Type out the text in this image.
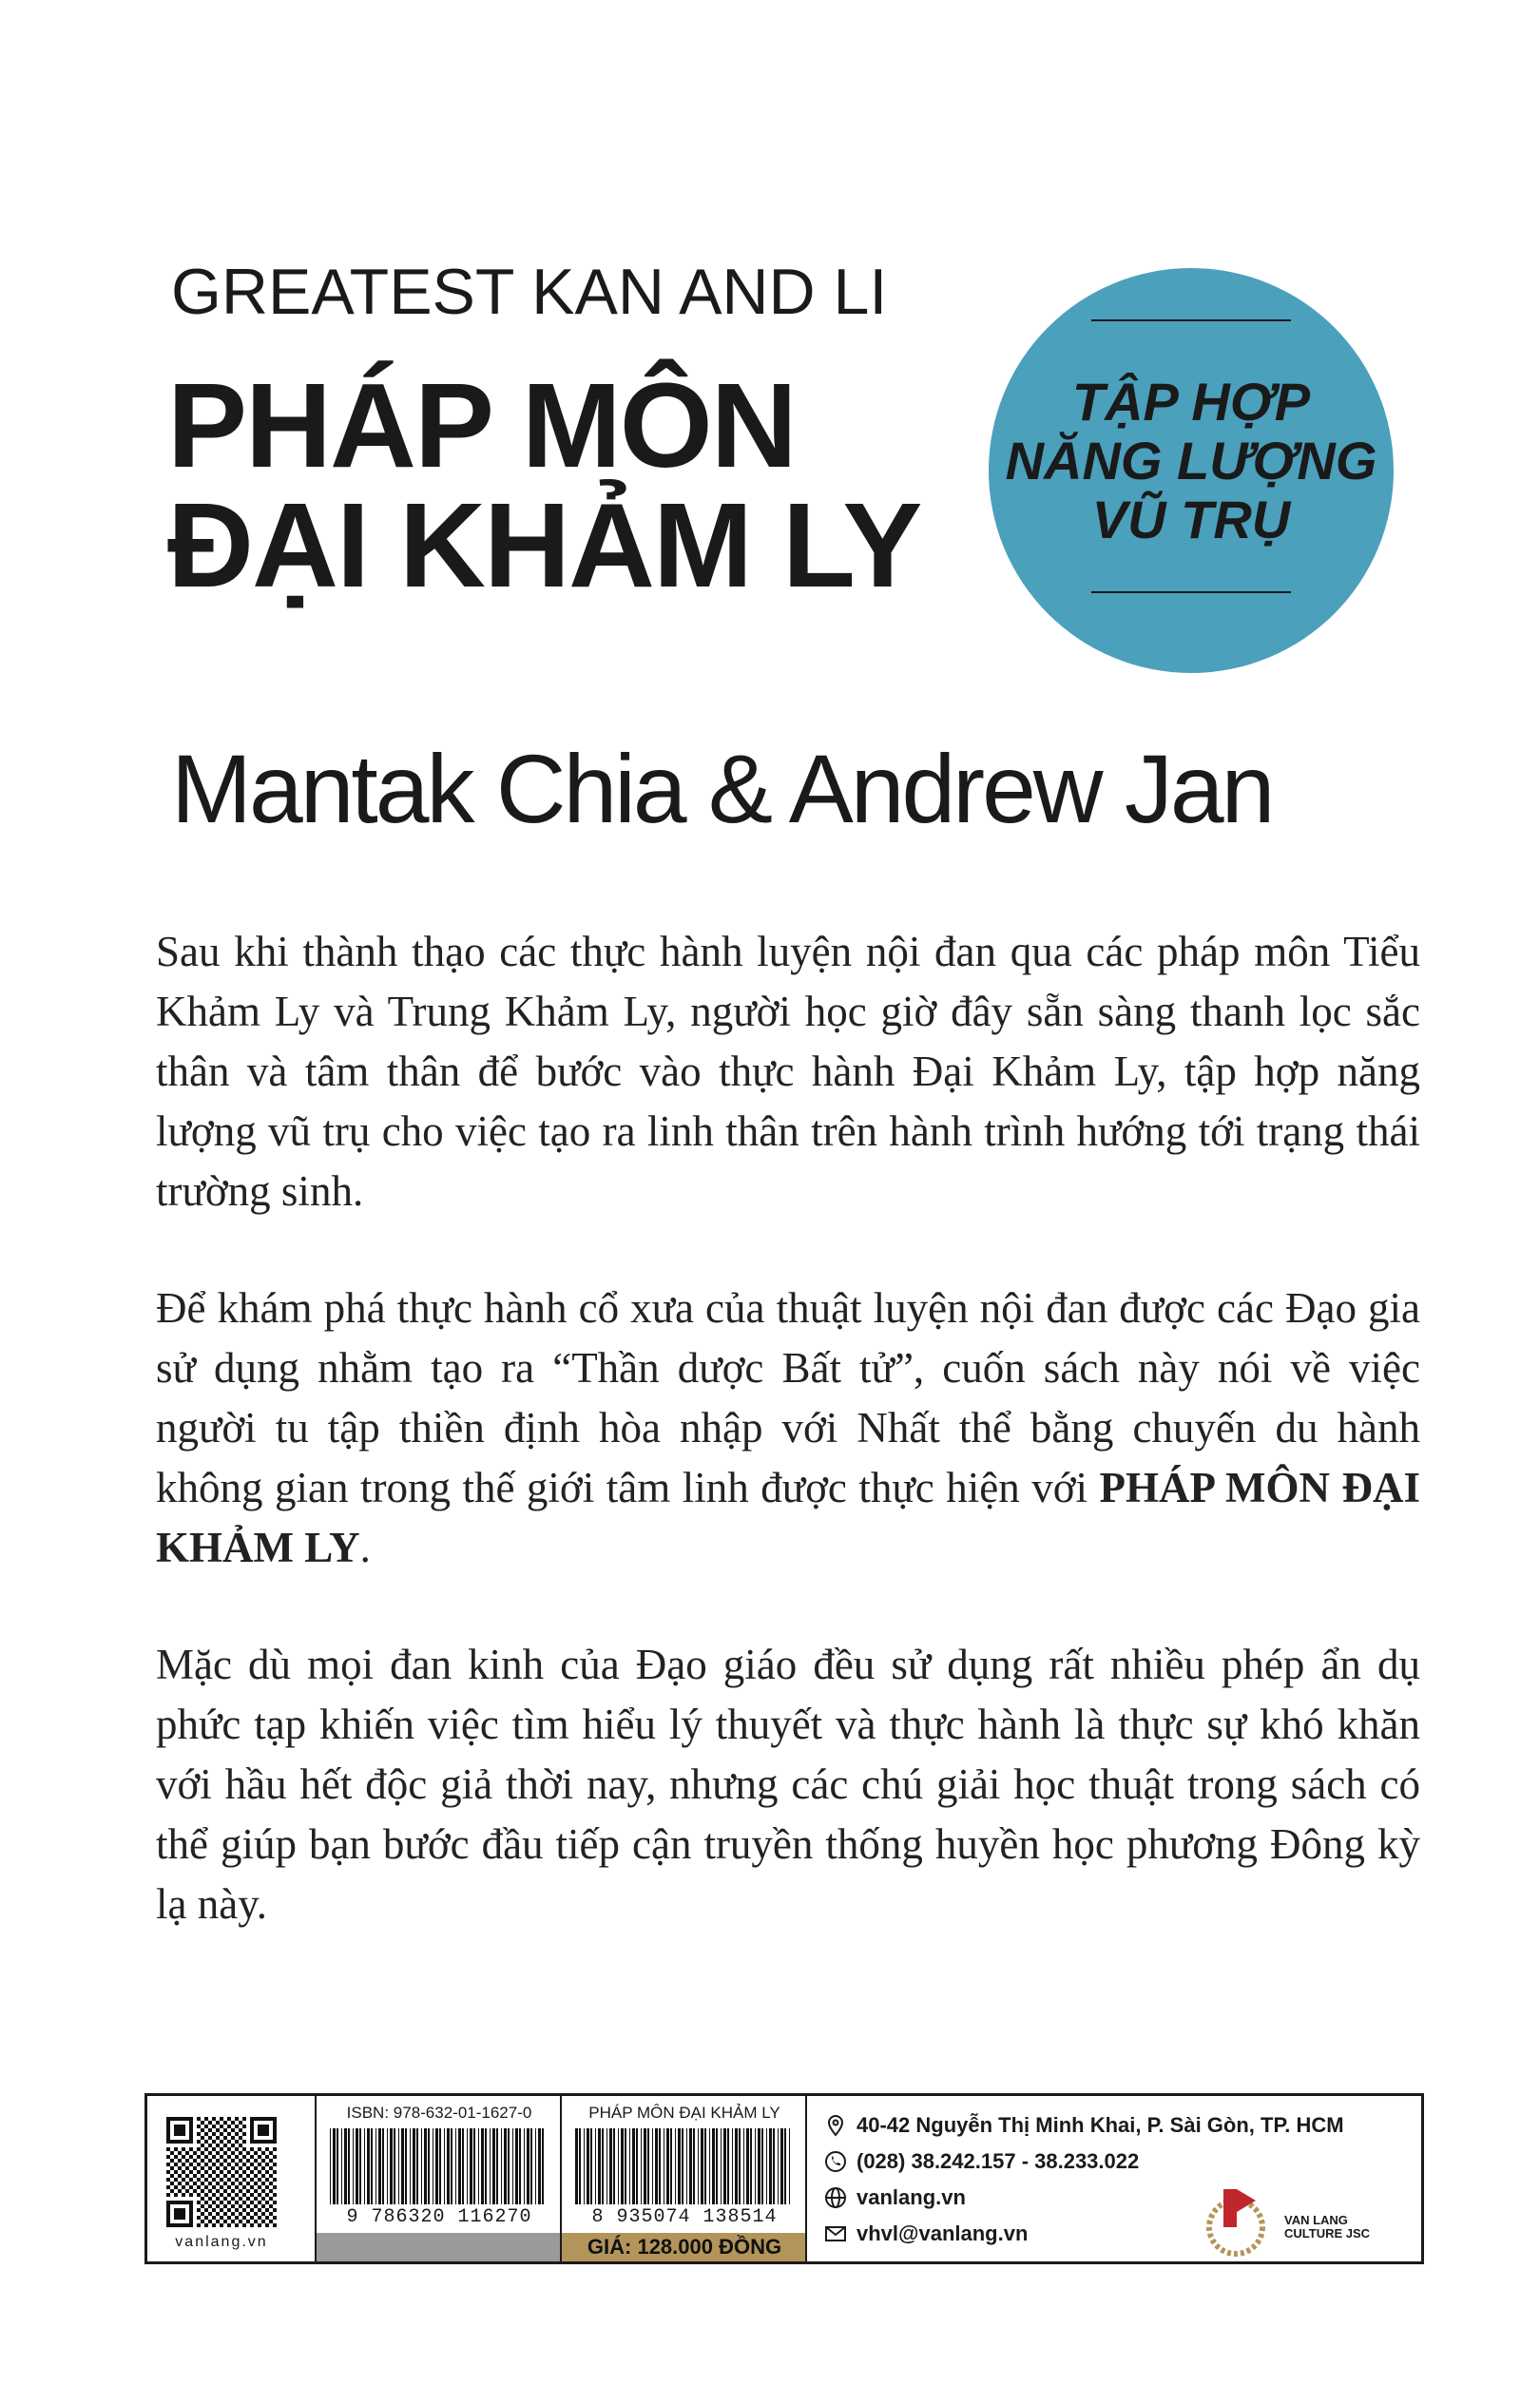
GREATEST KAN AND LI
PHÁP MÔN
ĐẠI KHẢM LY
TẬP HỢP
NĂNG LƯỢNG
VŨ TRỤ
Mantak Chia & Andrew Jan

Sau khi thành thạo các thực hành luyện nội đan qua các pháp môn Tiểu Khảm Ly và Trung Khảm Ly, người học giờ đây sẵn sàng thanh lọc sắc thân và tâm thân để bước vào thực hành Đại Khảm Ly, tập hợp năng lượng vũ trụ cho việc tạo ra linh thân trên hành trình hướng tới trạng thái trường sinh.

Để khám phá thực hành cổ xưa của thuật luyện nội đan được các Đạo gia sử dụng nhằm tạo ra “Thần dược Bất tử”, cuốn sách này nói về việc người tu tập thiền định hòa nhập với Nhất thể bằng chuyến du hành không gian trong thế giới tâm linh được thực hiện với PHÁP MÔN ĐẠI KHẢM LY.

Mặc dù mọi đan kinh của Đạo giáo đều sử dụng rất nhiều phép ẩn dụ phức tạp khiến việc tìm hiểu lý thuyết và thực hành là thực sự khó khăn với hầu hết độc giả thời nay, nhưng các chú giải học thuật trong sách có thể giúp bạn bước đầu tiếp cận truyền thống huyền học phương Đông kỳ lạ này.

vanlang.vn
ISBN: 978-632-01-1627-0
9 786320 116270
PHÁP MÔN ĐẠI KHẢM LY
8 935074 138514
GIÁ: 128.000 ĐỒNG
40-42 Nguyễn Thị Minh Khai, P. Sài Gòn, TP. HCM
(028) 38.242.157 - 38.233.022
vanlang.vn
vhvl@vanlang.vn
VAN LANG
CULTURE JSC
